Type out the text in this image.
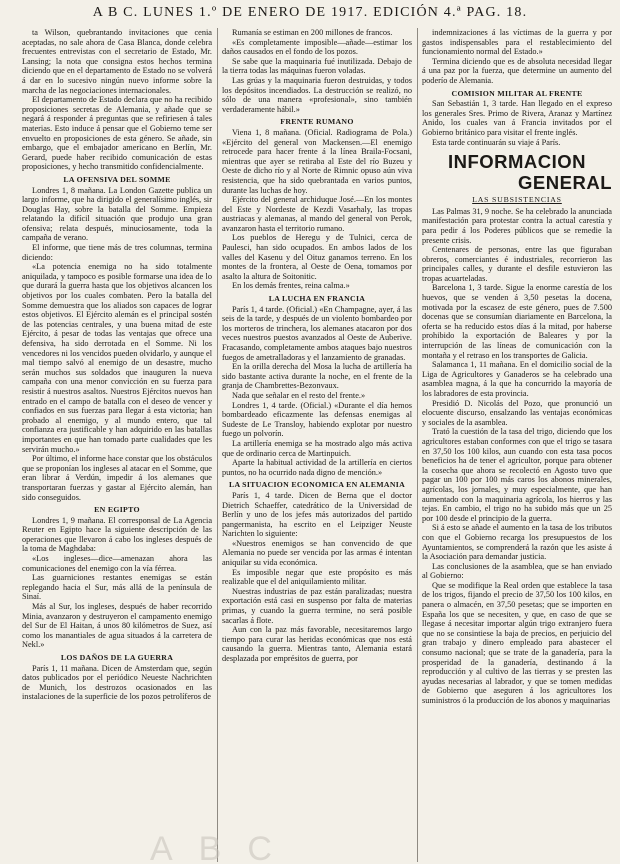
A B C. LUNES 1.º DE ENERO DE 1917. EDICIÓN 4.ª PAG. 18.

ta Wilson, quebrantando invitaciones que cenia aceptadas, no sale ahora de Casa Blanca, donde celebra frecuentes entrevistas con el secretario de Estado, Mr. Lansing; la nota que consigna estos hechos termina diciendo que en el departamento de Estado no se volverá á dar en lo sucesivo ningún nuevo informe sobre la marcha de las negociaciones internacionales.

El departamento de Estado declara que no ha recibido proposiciones secretas de Alemania, y añade que se negará á responder á preguntas que se refiriesen á tales materias. Esto induce á pensar que el Gobierno teme ser envuelto en proposiciones de esta género. Se añade, sin embargo, que el embajador americano en Berlín, Mr. Gerard, puede haber recibido comunicación de estas proposiciones, y hecho transmitido confidencialmente.

LA OFENSIVA DEL SOMME

Londres 1, 8 mañana. La London Gazette publica un largo informe, que ha dirigido el generalísimo inglés, sir Douglas Hay, sobre la batalla del Somme. Empieza relatando la difícil situación que produjo una gran ofensiva; relata después, minuciosamente, toda la campaña de verano.

El informe, que tiene más de tres columnas, termina diciendo:

«La potencia enemiga no ha sido totalmente aniquilada, y tampoco es posible formarse una idea de lo que durará la guerra hasta que los objetivos alcancen los objetivos por los cuales combaten. Pero la batalla del Somme demuestra que los aliados son capaces de lograr estos objetivos. El Ejército alemán es el principal sostén de las potencias centrales, y una buena mitad de este Ejército, á pesar de todas las ventajas que ofrece una defensiva, ha sido derrotada en el Somme. Ni los vencedores ni los vencidos pueden olvidarlo, y aunque el mal tiempo salvó al enemigo de un desastre, mucho serán muchos sus soldados que inauguren la nueva campaña con una menor convicción en su fuerza para resistir á nuestros asaltos. Nuestros Ejércitos nuevos han entrado en el campo de batalla con el deseo de vencer y confiados en sus fuerzas para llegar á esta victoria; han probado al enemigo, y al mundo entero, que tal confianza era justificable y han adquirido en las batallas importantes en que han tomado parte cualidades que les servirán mucho.»

Por último, el informe hace constar que los obstáculos que se proponían los ingleses al atacar en el Somme, que eran librar á Verdún, impedir á los alemanes que transportaran fuerzas y gastar al Ejército alemán, han sido conseguidos.

EN EGIPTO

Londres 1, 9 mañana. El corresponsal de La Agencia Reuter en Egipto hace la siguiente descripción de las operaciones que llevaron á cabo los ingleses después de la toma de Maghdaba:

«Los ingleses—dice—amenazan ahora las comunicaciones del enemigo con la vía férrea.

Las guarniciones restantes enemigas se están replegando hacia el Sur, más allá de la península de Sinaí.

Más al Sur, los ingleses, después de haber recorrido Minia, avanzaron y destruyeron el campamento enemigo del Sur de El Haitan, á unos 80 kilómetros de Suez, así como los manantiales de agua situados á la carretera de Nekl.»

LOS DAÑOS DE LA GUERRA

París 1, 11 mañana. Dicen de Amsterdam que, según datos publicados por el periódico Neueste Nachrichten de Munich, los destrozos ocasionados en las instalaciones de la superficie de los pozos petrolíferos de

Rumanía se estiman en 200 millones de francos.

«Es completamente imposible—añade—estimar los daños causados en el fondo de los pozos.

Se sabe que la maquinaria fué inutilizada. Debajo de la tierra todas las máquinas fueron voladas.

Las grúas y la maquinaria fueron destruidas, y todos los depósitos incendiados. La destrucción se realizó, no sólo de una manera «profesional», sino también verdaderamente hábil.»

FRENTE RUMANO

Viena 1, 8 mañana. (Oficial. Radiograma de Pola.) «Ejército del general von Mackensen.—El enemigo retrocede para hacer frente á la línea Braila-Focsani, mientras que ayer se retiraba al Este del río Buzeu y Oeste de dicho río y al Norte de Rimnic opuso aún viva resistencia, que ha sido quebrantada en varios puntos, durante las luchas de hoy.

Ejército del general archiduque José.—En los montes del Este y Nordeste de Kezdi Vasarhaly, las tropas austriacas y alemanas, al mando del general von Perok, avanzaron hasta el territorio rumano.

Los pueblos de Heregu y de Tulnici, cerca de Paulesci, han sido ocupados. En ambos lados de los valles del Kasenu y del Oituz ganamos terreno. En los montes de la frontera, al Oeste de Oena, tomamos por asalto la altura de Soitonitic.

En los demás frentes, reina calma.»

LA LUCHA EN FRANCIA

París 1, 4 tarde. (Oficial.) «En Champagne, ayer, á las seis de la tarde, y después de un violento bombardeo por los morteros de trinchera, los alemanes atacaron por dos veces nuestros puestos avanzados al Oeste de Auberive. Fracasando, completamente ambos ataques bajo nuestros fuegos de ametralladoras y el lanzamiento de granadas.

En la orilla derecha del Mosa la lucha de artillería ha sido bastante activa durante la noche, en el frente de la granja de Chambrettes-Bezonvaux.

Nada que señalar en el resto del frente.»

Londres 1, 4 tarde. (Oficial.) «Durante el día hemos bombardeado eficazmente las defensas enemigas al Sudeste de Le Transloy, habiendo explotar por nuestro fuego un polvorín.

La artillería enemiga se ha mostrado algo más activa que de ordinario cerca de Martinpuich.

Aparte la habitual actividad de la artillería en ciertos puntos, no ha ocurrido nada digno de mención.»

LA SITUACION ECONOMICA EN ALEMANIA

París 1, 4 tarde. Dicen de Berna que el doctor Dietrich Schaeffer, catedrático de la Universidad de Berlín y uno de los jefes más autorizados del partido pangermanista, ha escrito en el Leipziger Neuste Narichten lo siguiente:

«Nuestros enemigos se han convencido de que Alemania no puede ser vencida por las armas é intentan aniquilar su vida económica.

Es imposible negar que este propósito es más realizable que el del aniquilamiento militar.

Nuestras industrias de paz están paralizadas; nuestra exportación está casi en suspenso por falta de materias primas, y cuando la guerra termine, no será posible sacarlas á flote.

Aun con la paz más favorable, necesitaremos largo tiempo para curar las heridas económicas que nos está causando la guerra. Mientras tanto, Alemania estará desplazada por emprésitos de guerra, por

indemnizaciones á las víctimas de la guerra y por gastos indispensables para el restablecimiento del funcionamiento normal del Estado.»

Termina diciendo que es de absoluta necesidad llegar á una paz por la fuerza, que determine un aumento del poderío de Alemania.

COMISION MILITAR AL FRENTE

San Sebastián 1, 3 tarde. Han llegado en el expreso los generales Sres. Primo de Rivera, Aranaz y Martínez Anido, los cuales van á Francia invitados por el Gobierno británico para visitar el frente inglés.

Esta tarde continuarán su viaje á París.

INFORMACION
GENERAL
LAS SUBSISTENCIAS

Las Palmas 31, 9 noche. Se ha celebrado la anunciada manifestación para protestar contra la actual carestía y para pedir á los Poderes públicos que se remedie la presente crisis.

Centenares de personas, entre las que figuraban obreros, comerciantes é industriales, recorrieron las principales calles, y durante el desfile estuvieron las tropas acuarteladas.

Barcelona 1, 3 tarde. Sigue la enorme carestía de los huevos, que se venden á 3,50 pesetas la docena, motivada por la escasez de este género, pues de 7.500 docenas que se consumían diariamente en Barcelona, la oferta se ha reducido estos días á la mitad, por haberse prohibido la exportación de Baleares y por la interrupción de las líneas de comunicación con la montaña y el retraso en los transportes de Galicia.

Salamanca 1, 11 mañana. En el domicilio social de la Liga de Agricultores y Ganaderos se ha celebrado una asamblea magna, á la que ha concurrido la mayoría de los labradores de esta provincia.

Presidió D. Nicolás del Pozo, que pronunció un elocuente discurso, ensalzando las ventajas económicas y sociales de la asamblea.

Trató la cuestión de la tasa del trigo, diciendo que los agricultores estaban conformes con que el trigo se tasara en 37,50 los 100 kilos, aun cuando con esta tasa pocos beneficios ha de tener el agricultor, porque para obtener la cosecha que ahora se recolectó en Agosto tuvo que pagar un 100 por 100 más caros los abonos minerales, agrícolas, los jornales, y muy especialmente, que han aumentado con la maquinaria agrícola, los hierros y las tejas. En cambio, el trigo no ha subido más que un 25 por 100 desde el principio de la guerra.

Si á esto se añade el aumento en la tasa de los tributos con que el Gobierno recarga los presupuestos de los Ayuntamientos, se comprenderá la razón que les asiste á la Asociación para demandar justicia.

Las conclusiones de la asamblea, que se han enviado al Gobierno:

Que se modifique la Real orden que establece la tasa de los trigos, fijando el precio de 37,50 los 100 kilos, en panera o almacén, en 37,50 pesetas; que se importen en España los que se necesiten, y que, en caso de que se llegase á necesitar importar algún trigo extranjero fuera que no se consintiese la baja de precios, en perjuicio del gran trabajo y dinero empleado para abastecer el consumo nacional; que se trate de la ganadería, para la prosperidad de la ganadería, destinando á la reproducción y al cultivo de las tierras y se presten las ayudas necesarias al labrador, y que se tomen medidas de Gobierno que aseguren á los agricultores los suministros ó la producción de los abonos y maquinarias

ABC
